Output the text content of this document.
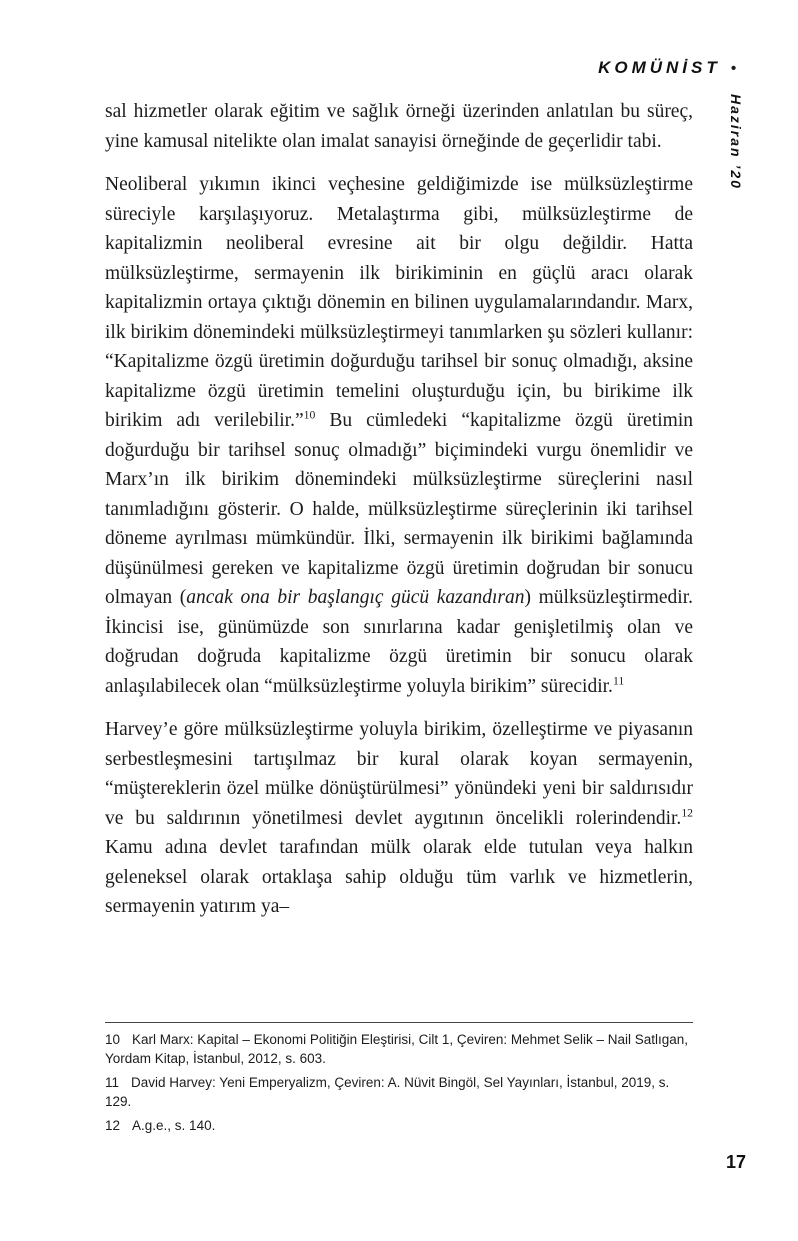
KOMÜNİST •
Haziran ’20

sal hizmetler olarak eğitim ve sağlık örneği üzerinden anlatılan bu süreç, yine kamusal nitelikte olan imalat sanayisi örneğinde de geçerlidir tabi.

Neoliberal yıkımın ikinci veçhesine geldiğimizde ise mülksüzleştirme süreciyle karşılaşıyoruz. Metalaştırma gibi, mülksüzleştirme de kapitalizmin neoliberal evresine ait bir olgu değildir. Hatta mülksüzleştirme, sermayenin ilk birikiminin en güçlü aracı olarak kapitalizmin ortaya çıktığı dönemin en bilinen uygulamalarındandır. Marx, ilk birikim dönemindeki mülksüzleştirmeyi tanımlarken şu sözleri kullanır: “Kapitalizme özgü üretimin doğurduğu tarihsel bir sonuç olmadığı, aksine kapitalizme özgü üretimin temelini oluşturduğu için, bu birikime ilk birikim adı verilebilir.”$^{10}$ Bu cümledeki “kapitalizme özgü üretimin doğurduğu bir tarihsel sonuç olmadığı” biçimindeki vurgu önemlidir ve Marx’ın ilk birikim dönemindeki mülksüzleştirme süreçlerini nasıl tanımladığını gösterir. O halde, mülksüzleştirme süreçlerinin iki tarihsel döneme ayrılması mümkündür. İlki, sermayenin ilk birikimi bağlamında düşünülmesi gereken ve kapitalizme özgü üretimin doğrudan bir sonucu olmayan (ancak ona bir başlangıç gücü kazandıran) mülksüzleştirmedir. İkincisi ise, günümüzde son sınırlarına kadar genişletilmiş olan ve doğrudan doğruda kapitalizme özgü üretimin bir sonucu olarak anlaşılabilecek olan “mülksüzleştirme yoluyla birikim” sürecidir.$^{11}$

Harvey’e göre mülksüzleştirme yoluyla birikim, özelleştirme ve piyasanın serbestleşmesini tartışılmaz bir kural olarak koyan sermayenin, “müştereklerin özel mülke dönüştürülmesi” yönündeki yeni bir saldırısıdır ve bu saldırının yönetilmesi devlet aygıtının öncelikli rolerindendir.$^{12}$ Kamu adına devlet tarafından mülk olarak elde tutulan veya halkın geleneksel olarak ortaklaşa sahip olduğu tüm varlık ve hizmetlerin, sermayenin yatırım ya–

10 Karl Marx: Kapital – Ekonomi Politiğin Eleştirisi, Cilt 1, Çeviren: Mehmet Selik – Nail Satlıgan, Yordam Kitap, İstanbul, 2012, s. 603.

11 David Harvey: Yeni Emperyalizm, Çeviren: A. Nüvit Bingöl, Sel Yayınları, İstanbul, 2019, s. 129.

12 A.g.e., s. 140.

17
